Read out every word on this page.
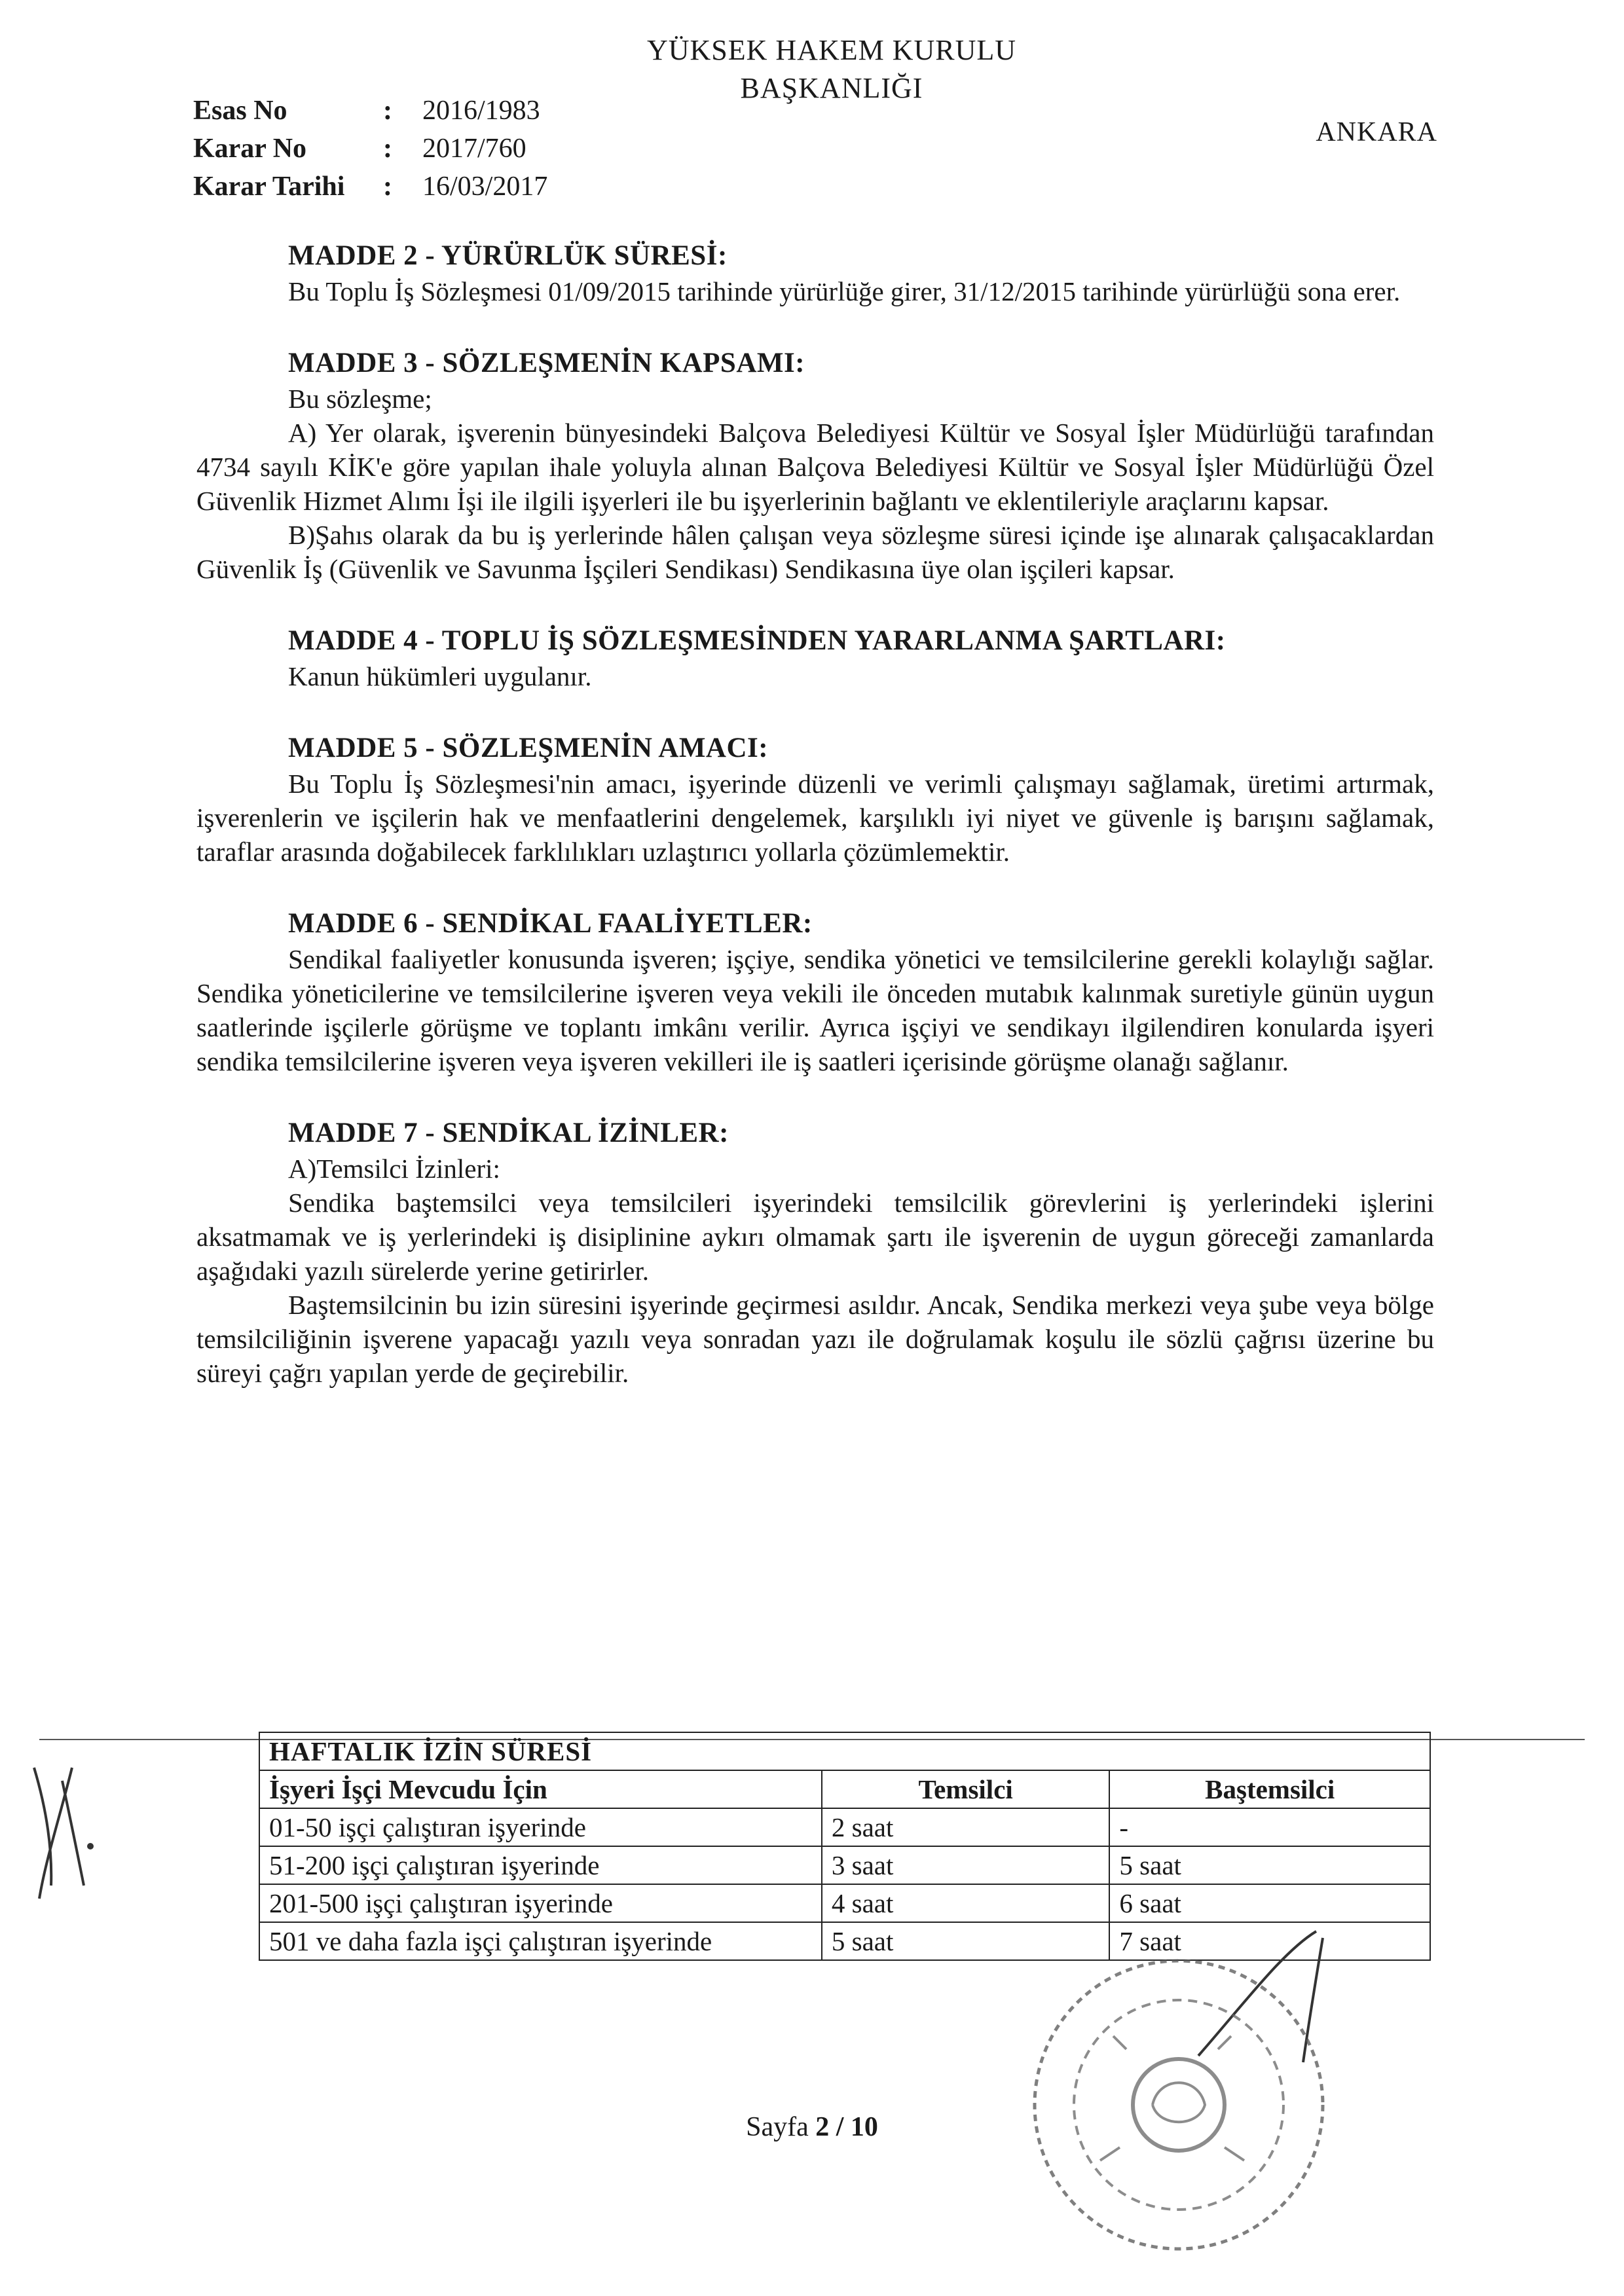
YÜKSEK HAKEM KURULU
BAŞKANLIĞI
Esas No	:	2016/1983
Karar No	:	2017/760
Karar Tarihi	:	16/03/2017
ANKARA
MADDE 2 - YÜRÜRLÜK SÜRESİ:

Bu Toplu İş Sözleşmesi 01/09/2015 tarihinde yürürlüğe girer, 31/12/2015 tarihinde yürürlüğü sona erer.

MADDE 3 - SÖZLEŞMENİN KAPSAMI:

Bu sözleşme;

A) Yer olarak, işverenin bünyesindeki Balçova Belediyesi Kültür ve Sosyal İşler Müdürlüğü tarafından 4734 sayılı KİK'e göre yapılan ihale yoluyla alınan Balçova Belediyesi Kültür ve Sosyal İşler Müdürlüğü Özel Güvenlik Hizmet Alımı İşi ile ilgili işyerleri ile bu işyerlerinin bağlantı ve eklentileriyle araçlarını kapsar.

B)Şahıs olarak da bu iş yerlerinde hâlen çalışan veya sözleşme süresi içinde işe alınarak çalışacaklardan Güvenlik İş (Güvenlik ve Savunma İşçileri Sendikası) Sendikasına üye olan işçileri kapsar.

MADDE 4 - TOPLU İŞ SÖZLEŞMESİNDEN YARARLANMA ŞARTLARI:

Kanun hükümleri uygulanır.

MADDE 5 - SÖZLEŞMENİN AMACI:

Bu Toplu İş Sözleşmesi'nin amacı, işyerinde düzenli ve verimli çalışmayı sağlamak, üretimi artırmak, işverenlerin ve işçilerin hak ve menfaatlerini dengelemek, karşılıklı iyi niyet ve güvenle iş barışını sağlamak, taraflar arasında doğabilecek farklılıkları uzlaştırıcı yollarla çözümlemektir.

MADDE 6 - SENDİKAL FAALİYETLER:

Sendikal faaliyetler konusunda işveren; işçiye, sendika yönetici ve temsilcilerine gerekli kolaylığı sağlar. Sendika yöneticilerine ve temsilcilerine işveren veya vekili ile önceden mutabık kalınmak suretiyle günün uygun saatlerinde işçilerle görüşme ve toplantı imkânı verilir. Ayrıca işçiyi ve sendikayı ilgilendiren konularda işyeri sendika temsilcilerine işveren veya işveren vekilleri ile iş saatleri içerisinde görüşme olanağı sağlanır.

MADDE 7 - SENDİKAL İZİNLER:

A)Temsilci İzinleri:

Sendika baştemsilci veya temsilcileri işyerindeki temsilcilik görevlerini iş yerlerindeki işlerini aksatmamak ve iş yerlerindeki iş disiplinine aykırı olmamak şartı ile işverenin de uygun göreceği zamanlarda aşağıdaki yazılı sürelerde yerine getirirler.

Baştemsilcinin bu izin süresini işyerinde geçirmesi asıldır. Ancak, Sendika merkezi veya şube veya bölge temsilciliğinin işverene yapacağı yazılı veya sonradan yazı ile doğrulamak koşulu ile sözlü çağrısı üzerine bu süreyi çağrı yapılan yerde de geçirebilir.

HAFTALIK İZİN SÜRESİ		
İşyeri İşçi Mevcudu İçin	Temsilci	Baştemsilci
01-50 işçi çalıştıran işyerinde	2 saat	-
51-200 işçi çalıştıran işyerinde	3 saat	5 saat
201-500 işçi çalıştıran işyerinde	4 saat	6 saat
501 ve daha fazla işçi çalıştıran işyerinde	5 saat	7 saat
Sayfa 2 / 10
